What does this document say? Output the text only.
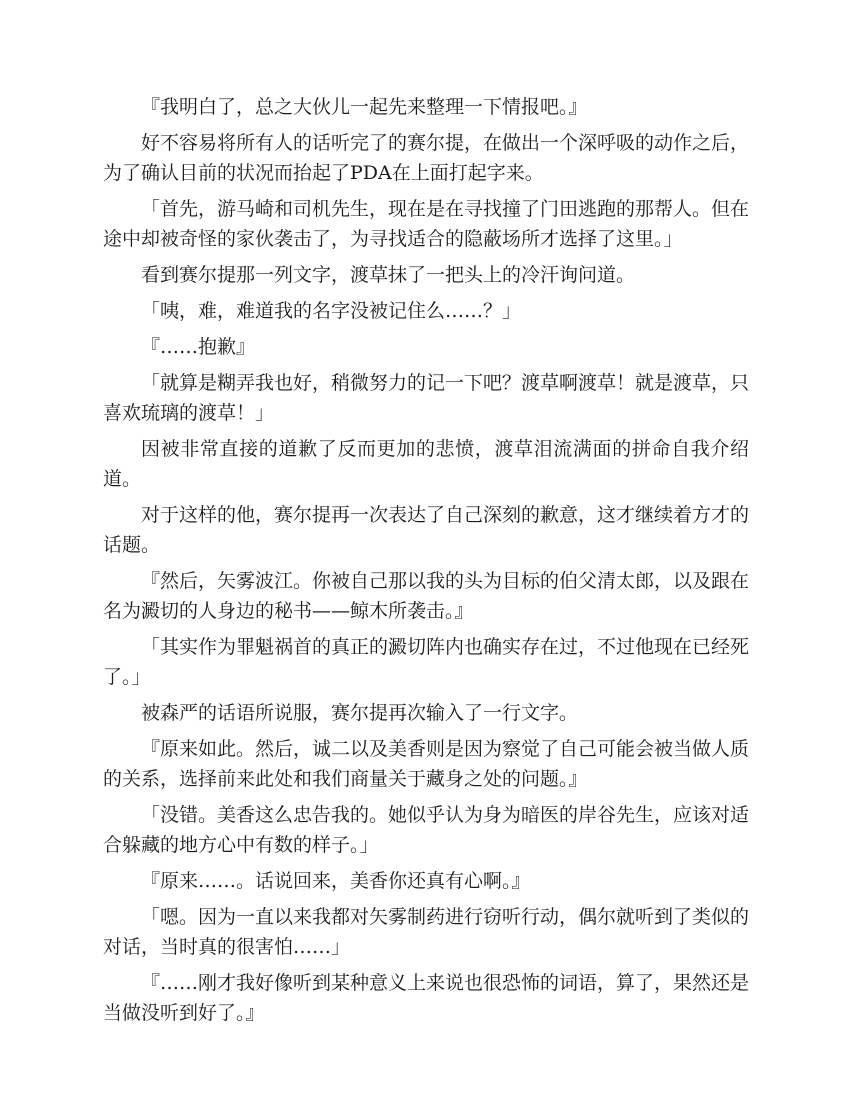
『我明白了，总之大伙儿一起先来整理一下情报吧。』

好不容易将所有人的话听完了的赛尔提，在做出一个深呼吸的动作之后，为了确认目前的状况而抬起了PDA在上面打起字来。

「首先，游马崎和司机先生，现在是在寻找撞了门田逃跑的那帮人。但在途中却被奇怪的家伙袭击了，为寻找适合的隐蔽场所才选择了这里。」

看到赛尔提那一列文字，渡草抹了一把头上的冷汗询问道。

「咦，难，难道我的名字没被记住么……？」

『……抱歉』

「就算是糊弄我也好，稍微努力的记一下吧？渡草啊渡草！就是渡草，只喜欢琉璃的渡草！」

因被非常直接的道歉了反而更加的悲愤，渡草泪流满面的拼命自我介绍道。

对于这样的他，赛尔提再一次表达了自己深刻的歉意，这才继续着方才的话题。

『然后，矢雾波江。你被自己那以我的头为目标的伯父清太郎，以及跟在名为澱切的人身边的秘书——鲸木所袭击。』

「其实作为罪魁祸首的真正的澱切阵内也确实存在过，不过他现在已经死了。」

被森严的话语所说服，赛尔提再次输入了一行文字。

『原来如此。然后，诚二以及美香则是因为察觉了自己可能会被当做人质的关系，选择前来此处和我们商量关于藏身之处的问题。』

「没错。美香这么忠告我的。她似乎认为身为暗医的岸谷先生，应该对适合躲藏的地方心中有数的样子。」

『原来……。话说回来，美香你还真有心啊。』

「嗯。因为一直以来我都对矢雾制药进行窃听行动，偶尔就听到了类似的对话，当时真的很害怕……」

『……刚才我好像听到某种意义上来说也很恐怖的词语，算了，果然还是当做没听到好了。』
